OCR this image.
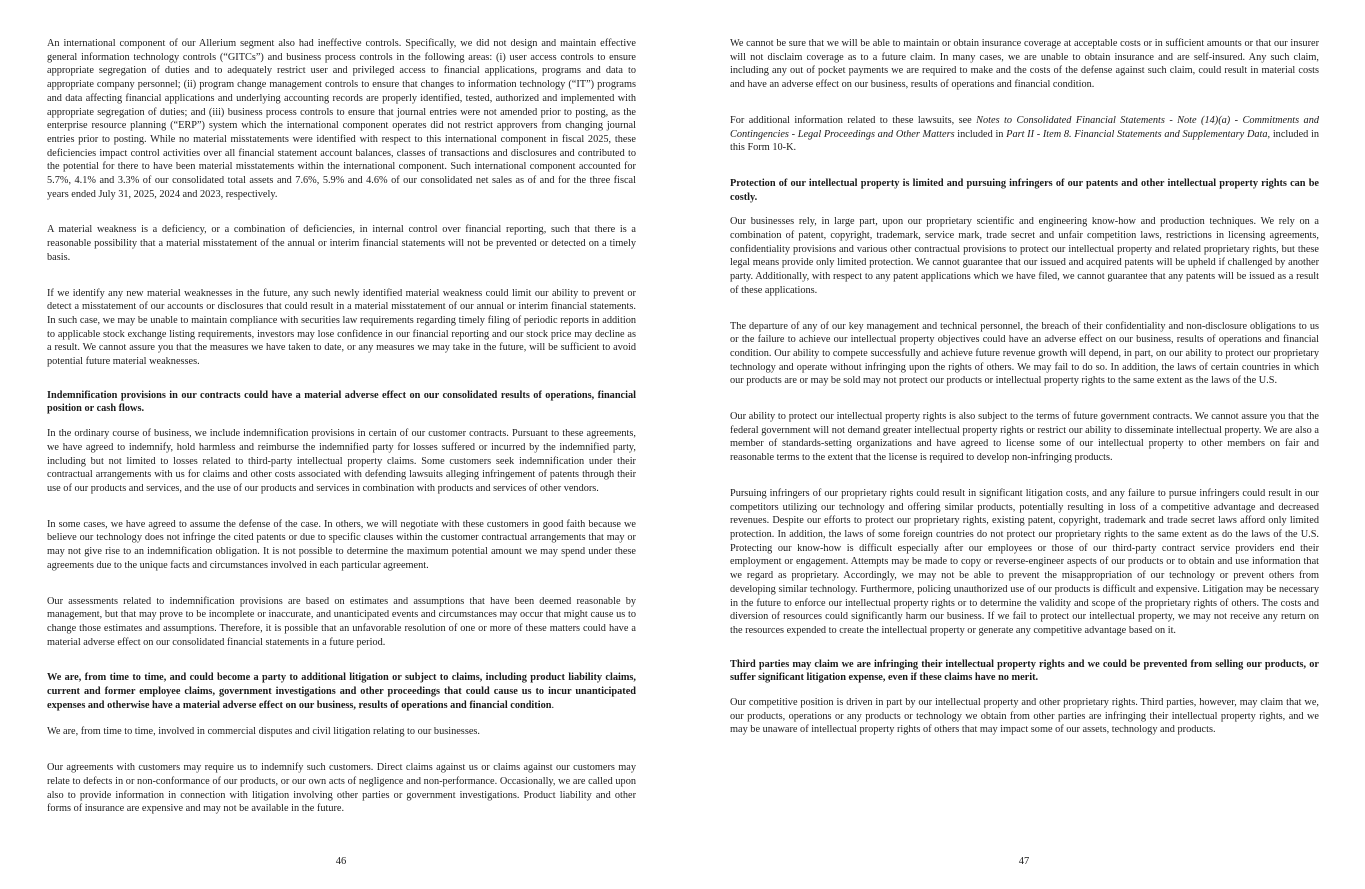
An international component of our Allerium segment also had ineffective controls. Specifically, we did not design and maintain effective general information technology controls (“GITCs”) and business process controls in the following areas: (i) user access controls to ensure appropriate segregation of duties and to adequately restrict user and privileged access to financial applications, programs and data to appropriate company personnel; (ii) program change management controls to ensure that changes to information technology (“IT”) programs and data affecting financial applications and underlying accounting records are properly identified, tested, authorized and implemented with appropriate segregation of duties; and (iii) business process controls to ensure that journal entries were not amended prior to posting, as the enterprise resource planning (“ERP”) system which the international component operates did not restrict approvers from changing journal entries prior to posting. While no material misstatements were identified with respect to this international component in fiscal 2025, these deficiencies impact control activities over all financial statement account balances, classes of transactions and disclosures and contributed to the potential for there to have been material misstatements within the international component. Such international component accounted for 5.7%, 4.1% and 3.3% of our consolidated total assets and 7.6%, 5.9% and 4.6% of our consolidated net sales as of and for the three fiscal years ended July 31, 2025, 2024 and 2023, respectively.

A material weakness is a deficiency, or a combination of deficiencies, in internal control over financial reporting, such that there is a reasonable possibility that a material misstatement of the annual or interim financial statements will not be prevented or detected on a timely basis.

If we identify any new material weaknesses in the future, any such newly identified material weakness could limit our ability to prevent or detect a misstatement of our accounts or disclosures that could result in a material misstatement of our annual or interim financial statements. In such case, we may be unable to maintain compliance with securities law requirements regarding timely filing of periodic reports in addition to applicable stock exchange listing requirements, investors may lose confidence in our financial reporting and our stock price may decline as a result. We cannot assure you that the measures we have taken to date, or any measures we may take in the future, will be sufficient to avoid potential future material weaknesses.

Indemnification provisions in our contracts could have a material adverse effect on our consolidated results of operations, financial position or cash flows.

In the ordinary course of business, we include indemnification provisions in certain of our customer contracts. Pursuant to these agreements, we have agreed to indemnify, hold harmless and reimburse the indemnified party for losses suffered or incurred by the indemnified party, including but not limited to losses related to third-party intellectual property claims. Some customers seek indemnification under their contractual arrangements with us for claims and other costs associated with defending lawsuits alleging infringement of patents through their use of our products and services, and the use of our products and services in combination with products and services of other vendors.

In some cases, we have agreed to assume the defense of the case. In others, we will negotiate with these customers in good faith because we believe our technology does not infringe the cited patents or due to specific clauses within the customer contractual arrangements that may or may not give rise to an indemnification obligation. It is not possible to determine the maximum potential amount we may spend under these agreements due to the unique facts and circumstances involved in each particular agreement.

Our assessments related to indemnification provisions are based on estimates and assumptions that have been deemed reasonable by management, but that may prove to be incomplete or inaccurate, and unanticipated events and circumstances may occur that might cause us to change those estimates and assumptions. Therefore, it is possible that an unfavorable resolution of one or more of these matters could have a material adverse effect on our consolidated financial statements in a future period.

We are, from time to time, and could become a party to additional litigation or subject to claims, including product liability claims, current and former employee claims, government investigations and other proceedings that could cause us to incur unanticipated expenses and otherwise have a material adverse effect on our business, results of operations and financial condition.

We are, from time to time, involved in commercial disputes and civil litigation relating to our businesses.

Our agreements with customers may require us to indemnify such customers. Direct claims against us or claims against our customers may relate to defects in or non-conformance of our products, or our own acts of negligence and non-performance. Occasionally, we are called upon also to provide information in connection with litigation involving other parties or government investigations. Product liability and other forms of insurance are expensive and may not be available in the future.

46

We cannot be sure that we will be able to maintain or obtain insurance coverage at acceptable costs or in sufficient amounts or that our insurer will not disclaim coverage as to a future claim. In many cases, we are unable to obtain insurance and are self-insured. Any such claim, including any out of pocket payments we are required to make and the costs of the defense against such claim, could result in material costs and have an adverse effect on our business, results of operations and financial condition.

For additional information related to these lawsuits, see Notes to Consolidated Financial Statements - Note (14)(a) - Commitments and Contingencies - Legal Proceedings and Other Matters included in Part II - Item 8. Financial Statements and Supplementary Data, included in this Form 10-K.

Protection of our intellectual property is limited and pursuing infringers of our patents and other intellectual property rights can be costly.

Our businesses rely, in large part, upon our proprietary scientific and engineering know-how and production techniques. We rely on a combination of patent, copyright, trademark, service mark, trade secret and unfair competition laws, restrictions in licensing agreements, confidentiality provisions and various other contractual provisions to protect our intellectual property and related proprietary rights, but these legal means provide only limited protection. We cannot guarantee that our issued and acquired patents will be upheld if challenged by another party. Additionally, with respect to any patent applications which we have filed, we cannot guarantee that any patents will be issued as a result of these applications.

The departure of any of our key management and technical personnel, the breach of their confidentiality and non-disclosure obligations to us or the failure to achieve our intellectual property objectives could have an adverse effect on our business, results of operations and financial condition. Our ability to compete successfully and achieve future revenue growth will depend, in part, on our ability to protect our proprietary technology and operate without infringing upon the rights of others. We may fail to do so. In addition, the laws of certain countries in which our products are or may be sold may not protect our products or intellectual property rights to the same extent as the laws of the U.S.

Our ability to protect our intellectual property rights is also subject to the terms of future government contracts. We cannot assure you that the federal government will not demand greater intellectual property rights or restrict our ability to disseminate intellectual property. We are also a member of standards-setting organizations and have agreed to license some of our intellectual property to other members on fair and reasonable terms to the extent that the license is required to develop non-infringing products.

Pursuing infringers of our proprietary rights could result in significant litigation costs, and any failure to pursue infringers could result in our competitors utilizing our technology and offering similar products, potentially resulting in loss of a competitive advantage and decreased revenues. Despite our efforts to protect our proprietary rights, existing patent, copyright, trademark and trade secret laws afford only limited protection. In addition, the laws of some foreign countries do not protect our proprietary rights to the same extent as do the laws of the U.S. Protecting our know-how is difficult especially after our employees or those of our third-party contract service providers end their employment or engagement. Attempts may be made to copy or reverse-engineer aspects of our products or to obtain and use information that we regard as proprietary. Accordingly, we may not be able to prevent the misappropriation of our technology or prevent others from developing similar technology. Furthermore, policing unauthorized use of our products is difficult and expensive. Litigation may be necessary in the future to enforce our intellectual property rights or to determine the validity and scope of the proprietary rights of others. The costs and diversion of resources could significantly harm our business. If we fail to protect our intellectual property, we may not receive any return on the resources expended to create the intellectual property or generate any competitive advantage based on it.

Third parties may claim we are infringing their intellectual property rights and we could be prevented from selling our products, or suffer significant litigation expense, even if these claims have no merit.

Our competitive position is driven in part by our intellectual property and other proprietary rights. Third parties, however, may claim that we, our products, operations or any products or technology we obtain from other parties are infringing their intellectual property rights, and we may be unaware of intellectual property rights of others that may impact some of our assets, technology and products.

47
